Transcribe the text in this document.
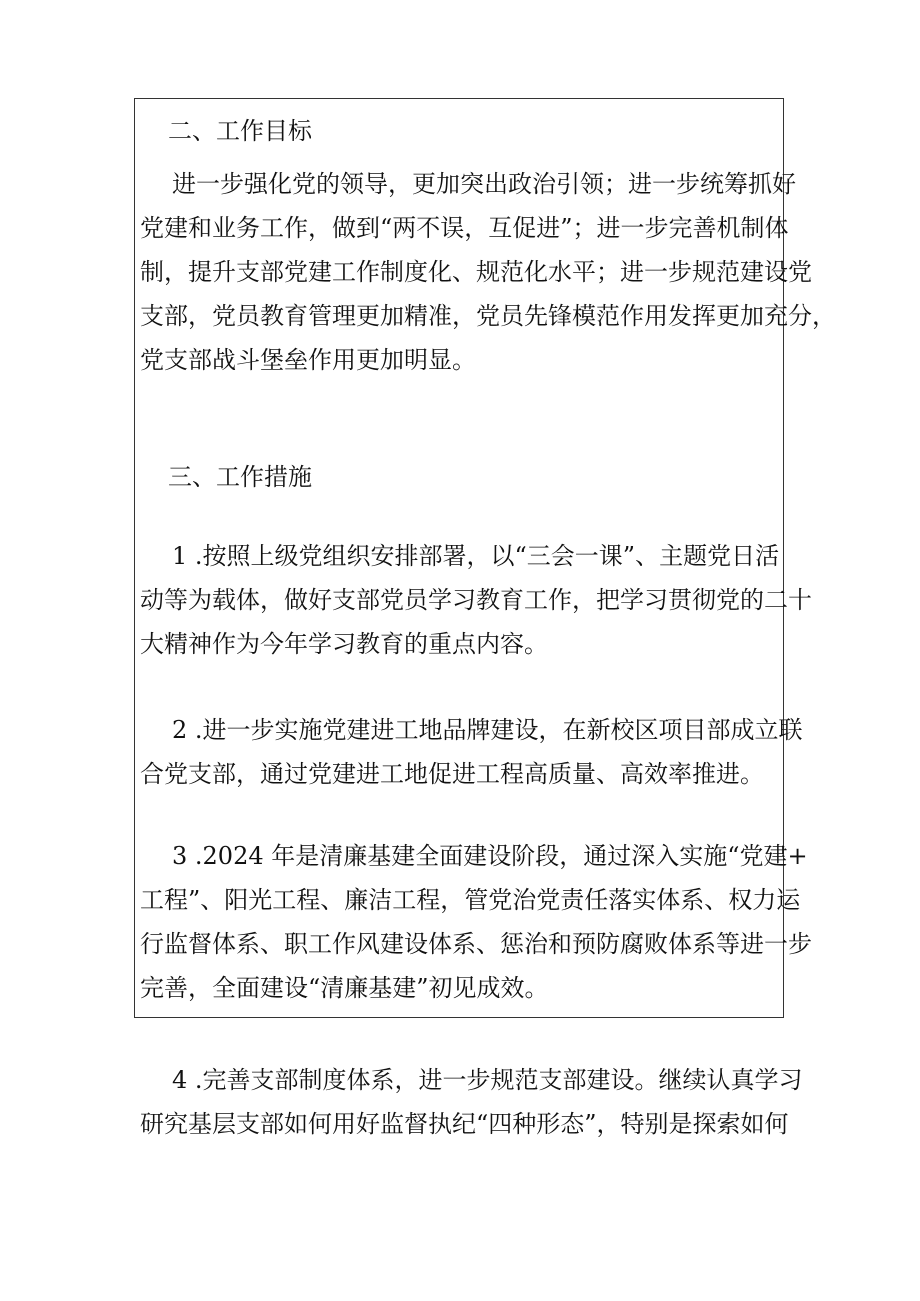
二、工作目标
进一步强化党的领导，更加突出政治引领；进一步统筹抓好
党建和业务工作，做到“两不误，互促进”；进一步完善机制体
制，提升支部党建工作制度化、规范化水平；进一步规范建设党
支部，党员教育管理更加精准，党员先锋模范作用发挥更加充分，
党支部战斗堡垒作用更加明显。
三、工作措施
1 .按照上级党组织安排部署，以“三会一课”、主题党日活
动等为载体，做好支部党员学习教育工作，把学习贯彻党的二十
大精神作为今年学习教育的重点内容。
2 .进一步实施党建进工地品牌建设，在新校区项目部成立联
合党支部，通过党建进工地促进工程高质量、高效率推进。
3 .2024 年是清廉基建全面建设阶段，通过深入实施“党建+
工程”、阳光工程、廉洁工程，管党治党责任落实体系、权力运
行监督体系、职工作风建设体系、惩治和预防腐败体系等进一步
完善，全面建设“清廉基建”初见成效。
4 .完善支部制度体系，进一步规范支部建设。继续认真学习
研究基层支部如何用好监督执纪“四种形态”，特别是探索如何
